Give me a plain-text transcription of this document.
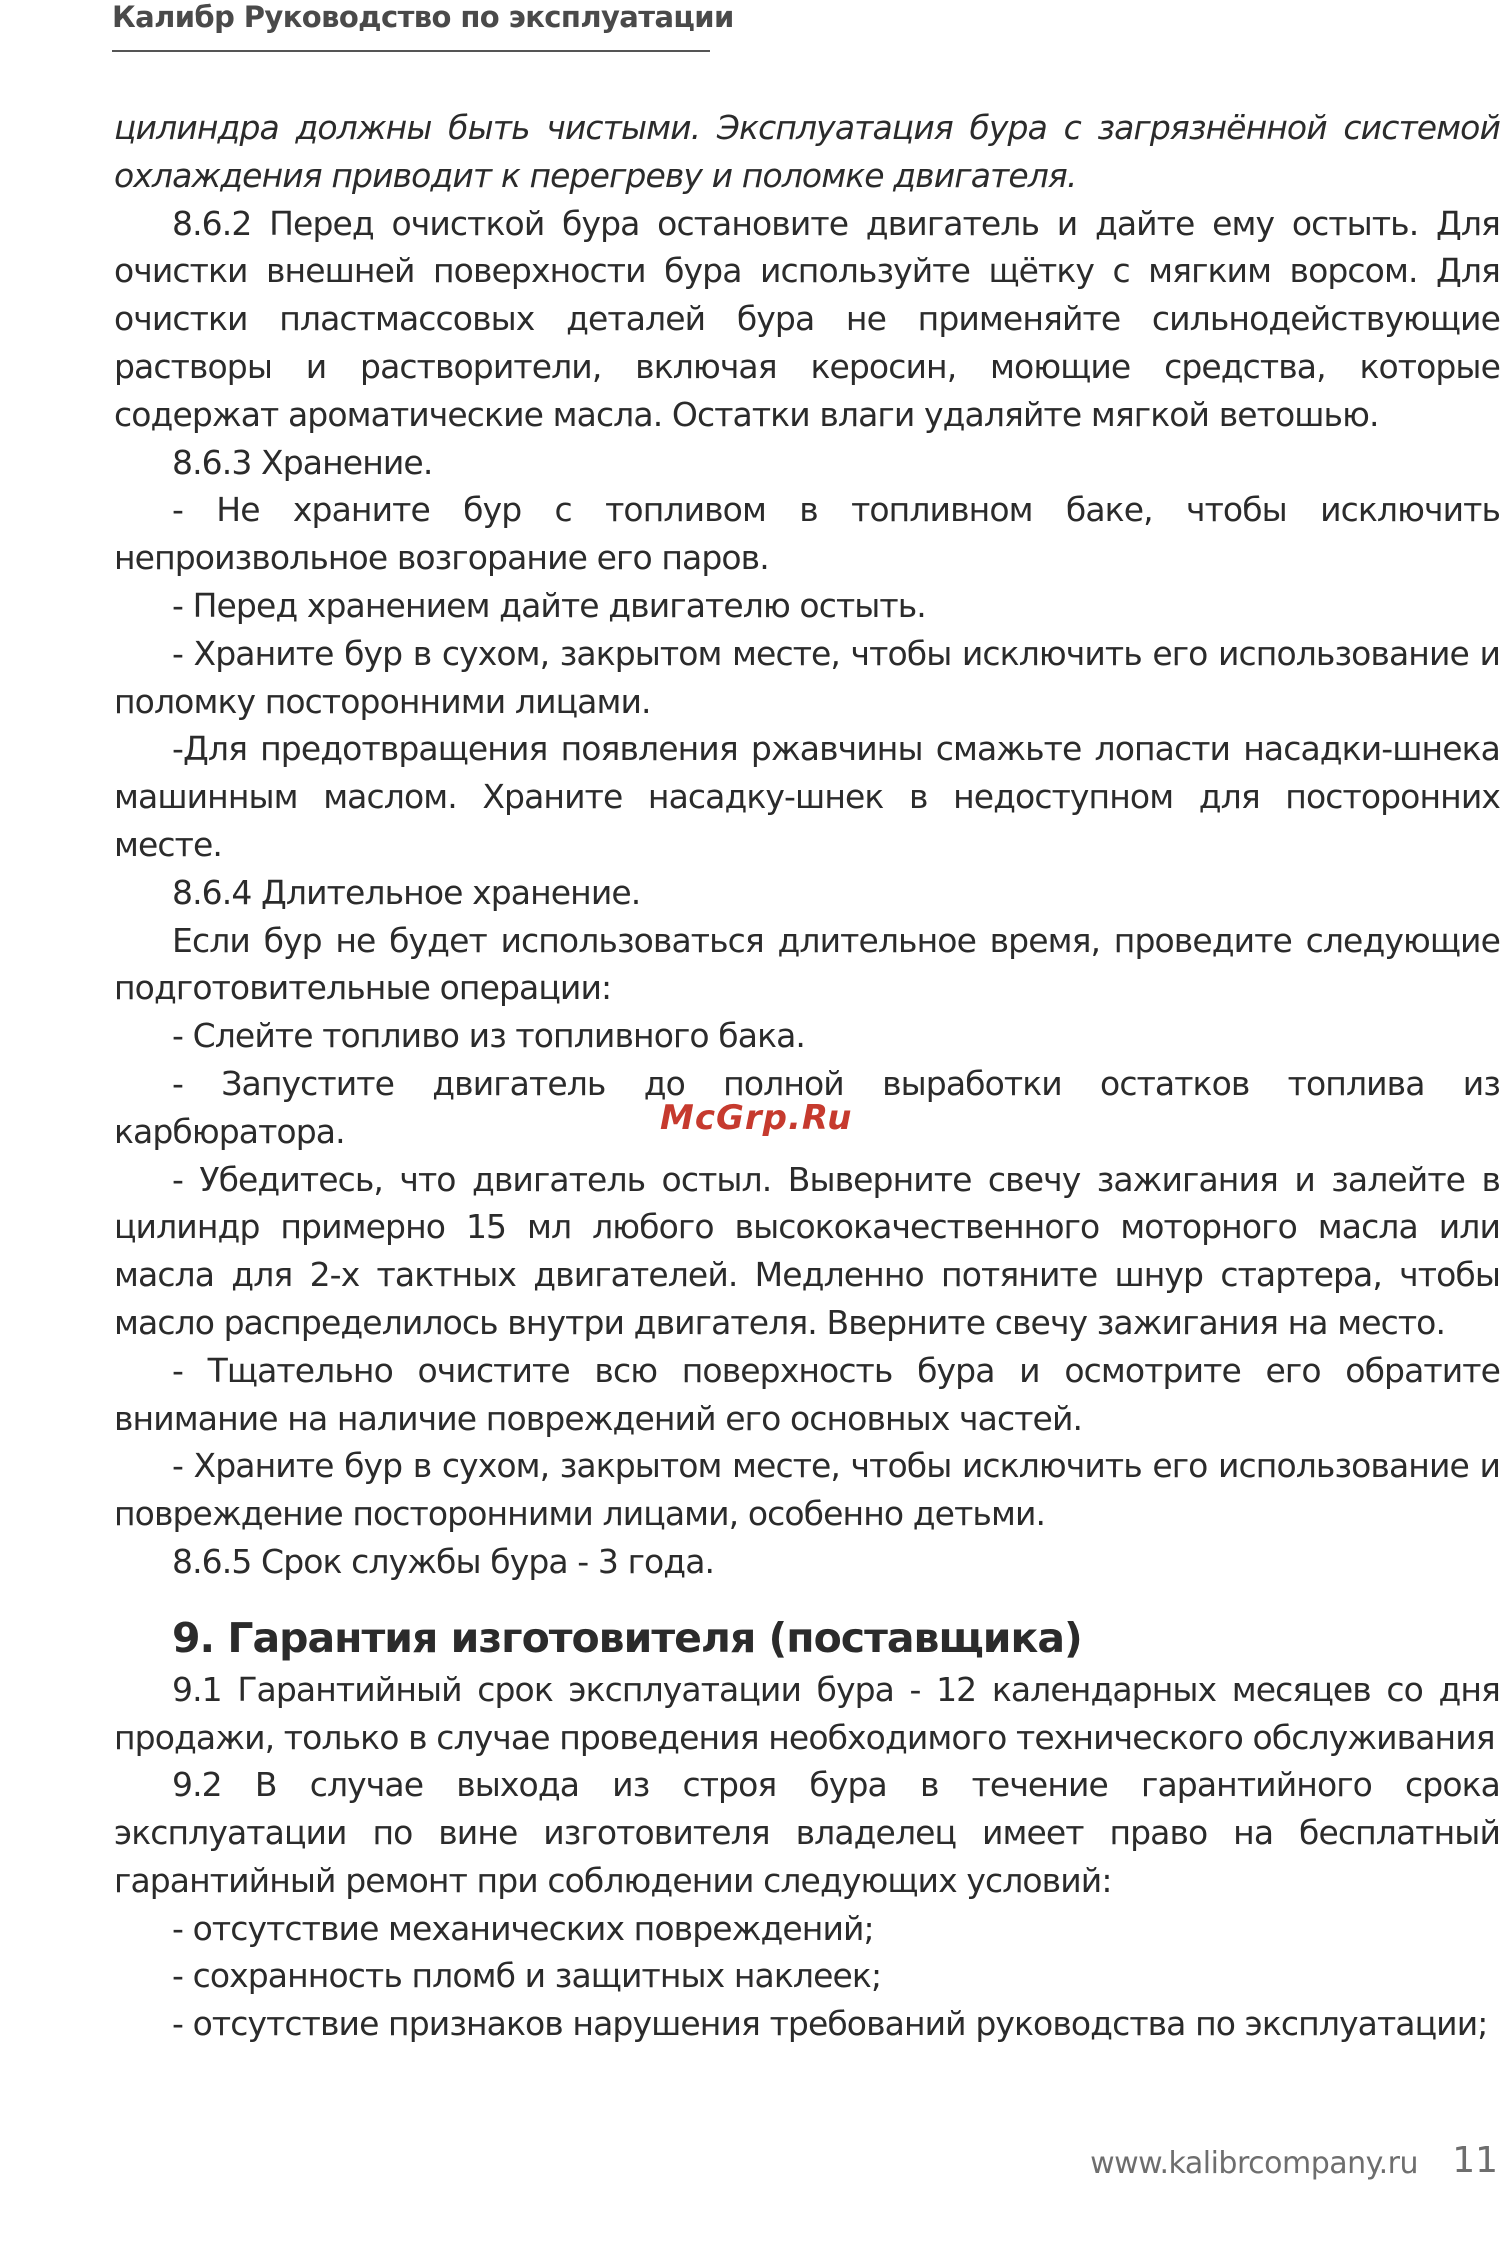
Калибр Руководство по эксплуатации

цилиндра должны быть чистыми. Эксплуатация бура с загрязнённой системой охлаждения приводит к перегреву и поломке двигателя.

8.6.2 Перед очисткой бура остановите двигатель и дайте ему остыть. Для очистки внешней поверхности бура используйте щётку с мягким ворсом. Для очистки пластмассовых деталей бура не применяйте сильнодействующие растворы и растворители, включая керосин, моющие средства, которые содержат ароматические масла. Остатки влаги удаляйте мягкой ветошью.

8.6.3 Хранение.

- Не храните бур с топливом в топливном баке, чтобы исключить непроизвольное возгорание его паров.

- Перед хранением дайте двигателю остыть.

- Храните бур в сухом, закрытом месте, чтобы исключить его использование и поломку посторонними лицами.

-Для предотвращения появления ржавчины смажьте лопасти насадки-шнека машинным маслом. Храните насадку-шнек в недоступном для посторонних месте.

8.6.4 Длительное хранение.

Если бур не будет использоваться длительное время, проведите следующие подготовительные операции:

- Слейте топливо из топливного бака.

- Запустите двигатель до полной выработки остатков топлива из карбюратора.

- Убедитесь, что двигатель остыл. Выверните свечу зажигания и залейте в цилиндр примерно 15 мл любого высококачественного моторного масла или масла для 2-х тактных двигателей. Медленно потяните шнур стартера, чтобы масло распределилось внутри двигателя. Вверните свечу зажигания на место.

- Тщательно очистите всю поверхность бура и осмотрите его обратите внимание на наличие повреждений его основных частей.

- Храните бур в сухом, закрытом месте, чтобы исключить его использование и повреждение посторонними лицами, особенно детьми.

8.6.5 Срок службы бура - 3 года.

9. Гарантия изготовителя (поставщика)

9.1 Гарантийный срок эксплуатации бура - 12 календарных месяцев со дня продажи, только в случае проведения необходимого технического обслуживания

9.2 В случае выхода из строя бура в течение гарантийного срока эксплуатации по вине изготовителя владелец имеет право на бесплатный гарантийный ремонт при соблюдении следующих условий:

- отсутствие механических повреждений;

- сохранность пломб и защитных наклеек;

- отсутствие признаков нарушения требований руководства по эксплуатации;

McGrp.Ru
www.kalibrcompany.ru 11
